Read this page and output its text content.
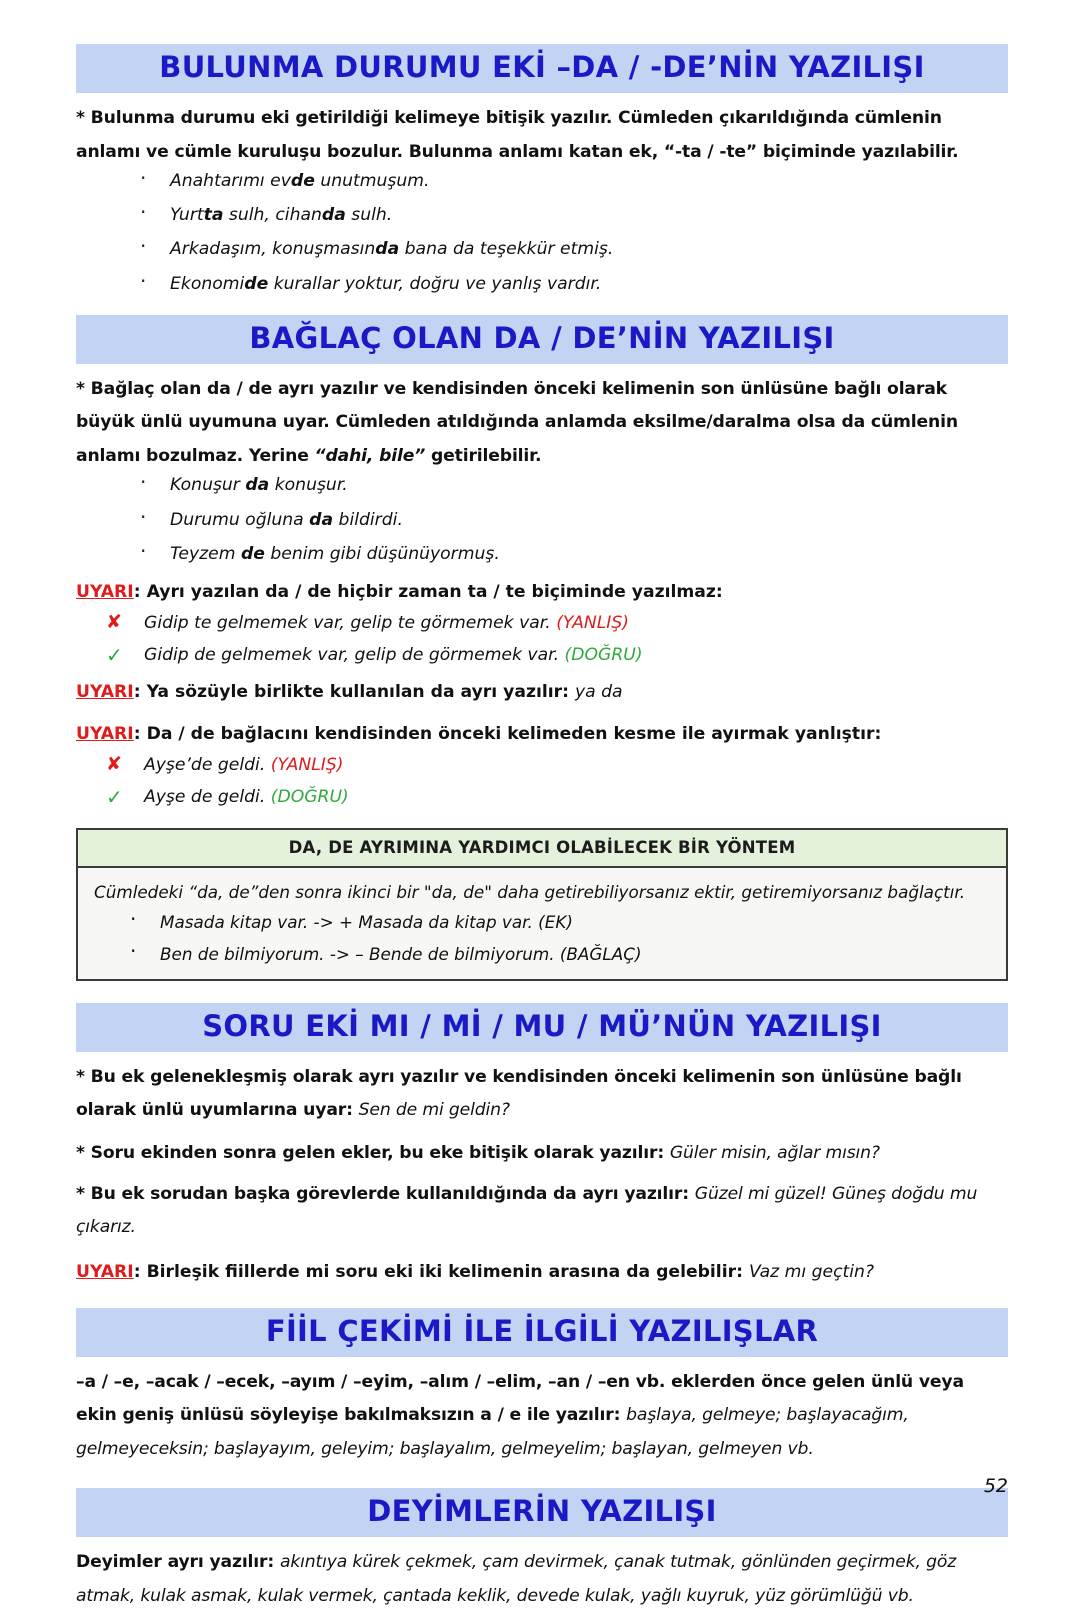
BULUNMA DURUMU EKİ –DA / -DE’NİN YAZILIŞI

* Bulunma durumu eki getirildiği kelimeye bitişik yazılır. Cümleden çıkarıldığında cümlenin anlamı ve cümle kuruluşu bozulur. Bulunma anlamı katan ek, “-ta / -te” biçiminde yazılabilir.

· Anahtarımı evde unutmuşum.
· Yurtta sulh, cihanda sulh.
· Arkadaşım, konuşmasında bana da teşekkür etmiş.
· Ekonomide kurallar yoktur, doğru ve yanlış vardır.
BAĞLAÇ OLAN DA / DE’NİN YAZILIŞI

* Bağlaç olan da / de ayrı yazılır ve kendisinden önceki kelimenin son ünlüsüne bağlı olarak büyük ünlü uyumuna uyar. Cümleden atıldığında anlamda eksilme/daralma olsa da cümlenin anlamı bozulmaz. Yerine “dahi, bile” getirilebilir.

· Konuşur da konuşur.
· Durumu oğluna da bildirdi.
· Teyzem de benim gibi düşünüyormuş.

UYARI: Ayrı yazılan da / de hiçbir zaman ta / te biçiminde yazılmaz:

✘ Gidip te gelmemek var, gelip te görmemek var. (YANLIŞ)
✓ Gidip de gelmemek var, gelip de görmemek var. (DOĞRU)

UYARI: Ya sözüyle birlikte kullanılan da ayrı yazılır: ya da

UYARI: Da / de bağlacını kendisinden önceki kelimeden kesme ile ayırmak yanlıştır:

✘ Ayşe’de geldi. (YANLIŞ)
✓ Ayşe de geldi. (DOĞRU)
DA, DE AYRIMINA YARDIMCI OLABİLECEK BİR YÖNTEM

Cümledeki “da, de”den sonra ikinci bir "da, de" daha getirebiliyorsanız ektir, getiremiyorsanız bağlaçtır.

· Masada kitap var. -> + Masada da kitap var. (EK)
· Ben de bilmiyorum. -> – Bende de bilmiyorum. (BAĞLAÇ)
SORU EKİ MI / Mİ / MU / MÜ’NÜN YAZILIŞI

* Bu ek gelenekleşmiş olarak ayrı yazılır ve kendisinden önceki kelimenin son ünlüsüne bağlı olarak ünlü uyumlarına uyar: Sen de mi geldin?

* Soru ekinden sonra gelen ekler, bu eke bitişik olarak yazılır: Güler misin, ağlar mısın?

* Bu ek sorudan başka görevlerde kullanıldığında da ayrı yazılır: Güzel mi güzel! Güneş doğdu mu çıkarız.

UYARI: Birleşik fiillerde mi soru eki iki kelimenin arasına da gelebilir: Vaz mı geçtin?

FİİL ÇEKİMİ İLE İLGİLİ YAZILIŞLAR

–a / –e, –acak / –ecek, –ayım / –eyim, –alım / –elim, –an / –en vb. eklerden önce gelen ünlü veya ekin geniş ünlüsü söyleyişe bakılmaksızın a / e ile yazılır: başlaya, gelmeye; başlayacağım, gelmeyeceksin; başlayayım, geleyim; başlayalım, gelmeyelim; başlayan, gelmeyen vb.

DEYİMLERİN YAZILIŞI

Deyimler ayrı yazılır: akıntıya kürek çekmek, çam devirmek, çanak tutmak, gönlünden geçirmek, göz atmak, kulak asmak, kulak vermek, çantada keklik, devede kulak, yağlı kuyruk, yüz görümlüğü vb.

52
